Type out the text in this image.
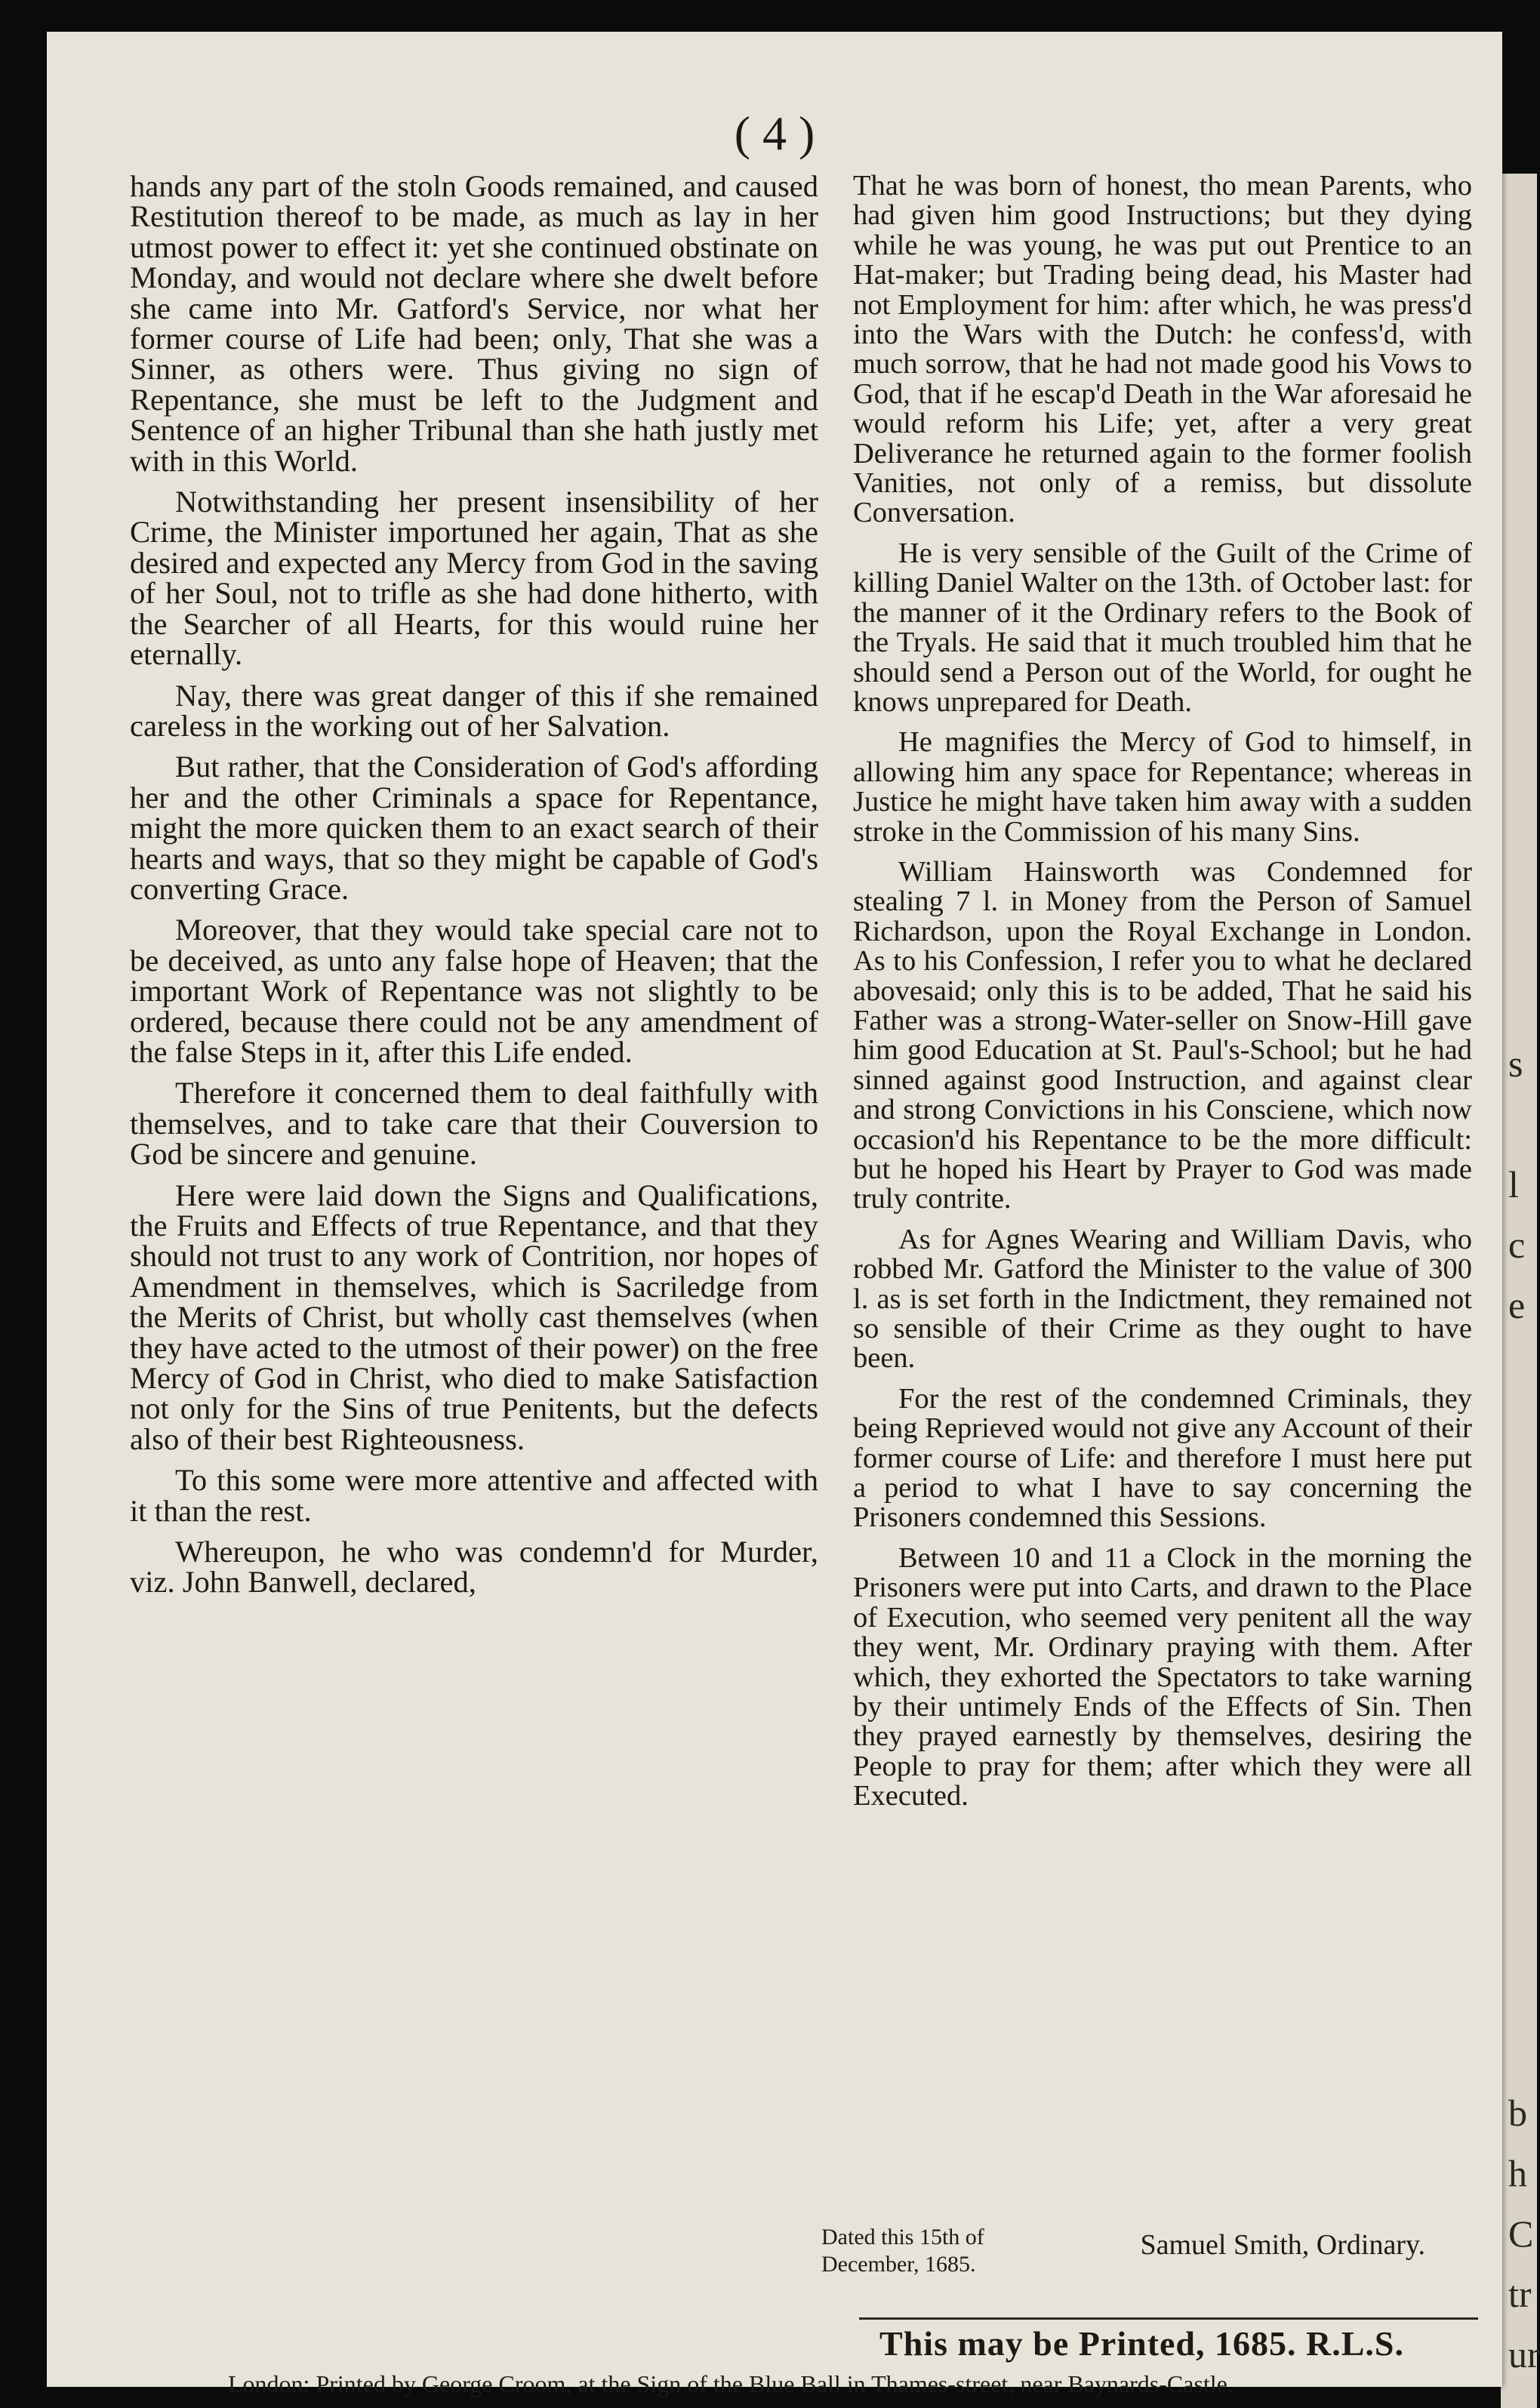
s
l
c
e
b
h
C
tr
ur
( 4 )

hands any part of the stoln Goods remained, and caused Restitution thereof to be made, as much as lay in her utmost power to effect it: yet she continued obstinate on Monday, and would not declare where she dwelt before she came into Mr. Gatford's Service, nor what her former course of Life had been; only, That she was a Sinner, as others were. Thus giving no sign of Repentance, she must be left to the Judgment and Sentence of an higher Tribunal than she hath justly met with in this World.

Notwithstanding her present insensibility of her Crime, the Minister importuned her again, That as she desired and expected any Mercy from God in the saving of her Soul, not to trifle as she had done hitherto, with the Searcher of all Hearts, for this would ruine her eternally.

Nay, there was great danger of this if she remained careless in the working out of her Salvation.

But rather, that the Consideration of God's affording her and the other Criminals a space for Repentance, might the more quicken them to an exact search of their hearts and ways, that so they might be capable of God's converting Grace.

Moreover, that they would take special care not to be deceived, as unto any false hope of Heaven; that the important Work of Repentance was not slightly to be ordered, because there could not be any amendment of the false Steps in it, after this Life ended.

Therefore it concerned them to deal faithfully with themselves, and to take care that their Couversion to God be sincere and genuine.

Here were laid down the Signs and Qualifications, the Fruits and Effects of true Repentance, and that they should not trust to any work of Contrition, nor hopes of Amendment in themselves, which is Sacriledge from the Merits of Christ, but wholly cast themselves (when they have acted to the utmost of their power) on the free Mercy of God in Christ, who died to make Satisfaction not only for the Sins of true Penitents, but the defects also of their best Righteousness.

To this some were more attentive and affected with it than the rest.

Whereupon, he who was condemn'd for Murder, viz. John Banwell, declared,

That he was born of honest, tho mean Parents, who had given him good Instructions; but they dying while he was young, he was put out Prentice to an Hat-maker; but Trading being dead, his Master had not Employment for him: after which, he was press'd into the Wars with the Dutch: he confess'd, with much sorrow, that he had not made good his Vows to God, that if he escap'd Death in the War aforesaid he would reform his Life; yet, after a very great Deliverance he returned again to the former foolish Vanities, not only of a remiss, but dissolute Conversation.

He is very sensible of the Guilt of the Crime of killing Daniel Walter on the 13th. of October last: for the manner of it the Ordinary refers to the Book of the Tryals. He said that it much troubled him that he should send a Person out of the World, for ought he knows unprepared for Death.

He magnifies the Mercy of God to himself, in allowing him any space for Repentance; whereas in Justice he might have taken him away with a sudden stroke in the Commission of his many Sins.

William Hainsworth was Condemned for stealing 7 l. in Money from the Person of Samuel Richardson, upon the Royal Exchange in London. As to his Confession, I refer you to what he declared abovesaid; only this is to be added, That he said his Father was a strong-Water-seller on Snow-Hill gave him good Education at St. Paul's-School; but he had sinned against good Instruction, and against clear and strong Convictions in his Consciene, which now occasion'd his Repentance to be the more difficult: but he hoped his Heart by Prayer to God was made truly contrite.

As for Agnes Wearing and William Davis, who robbed Mr. Gatford the Minister to the value of 300 l. as is set forth in the Indictment, they remained not so sensible of their Crime as they ought to have been.

For the rest of the condemned Criminals, they being Reprieved would not give any Account of their former course of Life: and therefore I must here put a period to what I have to say concerning the Prisoners condemned this Sessions.

Between 10 and 11 a Clock in the morning the Prisoners were put into Carts, and drawn to the Place of Execution, who seemed very penitent all the way they went, Mr. Ordinary praying with them. After which, they exhorted the Spectators to take warning by their untimely Ends of the Effects of Sin. Then they prayed earnestly by themselves, desiring the People to pray for them; after which they were all Executed.

This may be Printed, 1685. R.L.S.
London: Printed by George Croom, at the Sign of the Blue Ball in Thames-street, near Baynards-Castle.
Dated this 15th of
December, 1685.
Samuel Smith, Ordinary.
